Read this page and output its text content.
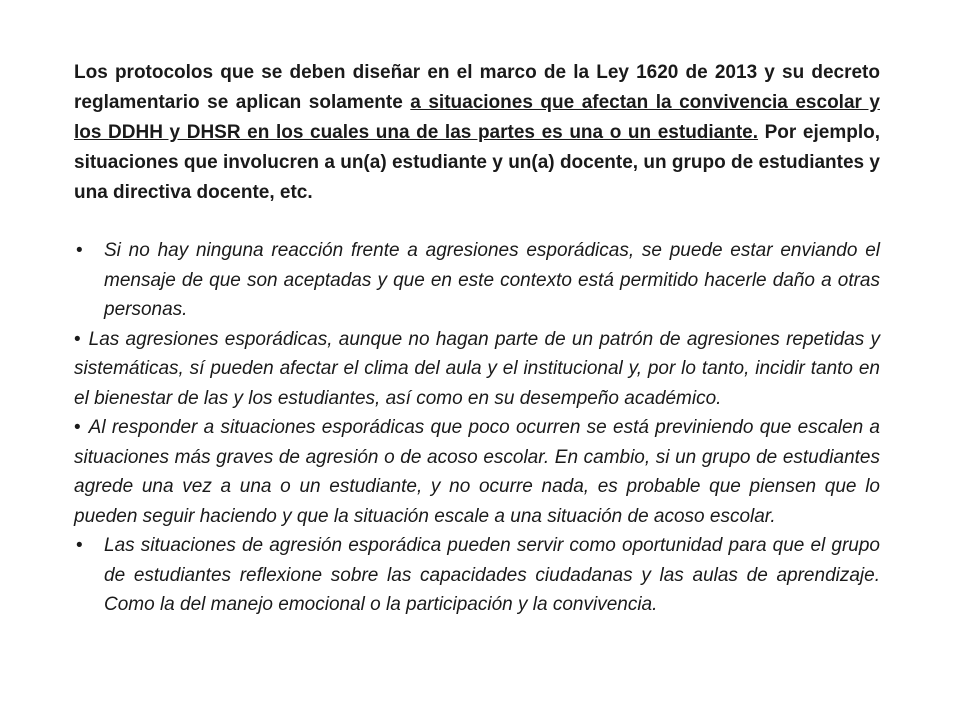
Los protocolos que se deben diseñar en el marco de la Ley 1620 de 2013 y su decreto reglamentario se aplican solamente a situaciones que afectan la convivencia escolar y los DDHH y DHSR en los cuales una de las partes es una o un estudiante. Por ejemplo, situaciones que involucren a un(a) estudiante y un(a) docente, un grupo de estudiantes y una directiva docente, etc.

• Si no hay ninguna reacción frente a agresiones esporádicas, se puede estar enviando el mensaje de que son aceptadas y que en este contexto está permitido hacerle daño a otras personas.

• Las agresiones esporádicas, aunque no hagan parte de un patrón de agresiones repetidas y sistemáticas, sí pueden afectar el clima del aula y el institucional y, por lo tanto, incidir tanto en el bienestar de las y los estudiantes, así como en su desempeño académico.

• Al responder a situaciones esporádicas que poco ocurren se está previniendo que escalen a situaciones más graves de agresión o de acoso escolar. En cambio, si un grupo de estudiantes agrede una vez a una o un estudiante, y no ocurre nada, es probable que piensen que lo pueden seguir haciendo y que la situación escale a una situación de acoso escolar.

• Las situaciones de agresión esporádica pueden servir como oportunidad para que el grupo de estudiantes reflexione sobre las capacidades ciudadanas y las aulas de aprendizaje. Como la del manejo emocional o la participación y la convivencia.
